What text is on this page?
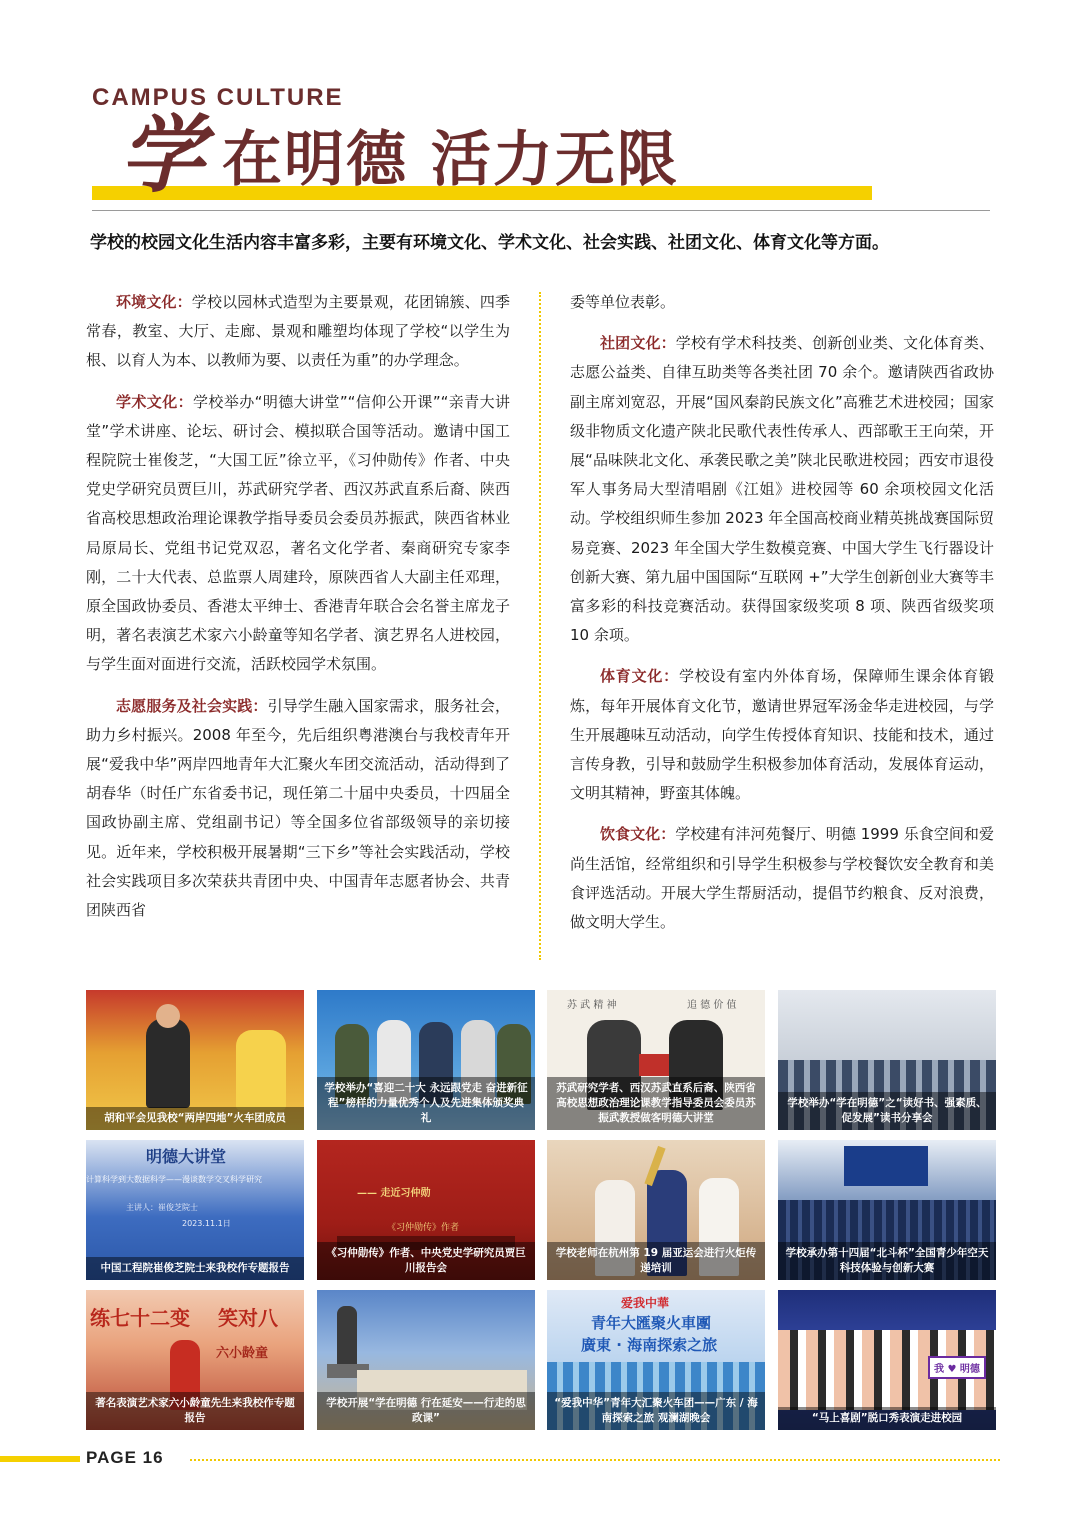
CAMPUS CULTURE
学 在明德 活力无限
学校的校园文化生活内容丰富多彩，主要有环境文化、学术文化、社会实践、社团文化、体育文化等方面。

环境文化：学校以园林式造型为主要景观，花团锦簇、四季常春，教室、大厅、走廊、景观和雕塑均体现了学校“以学生为根、以育人为本、以教师为要、以责任为重”的办学理念。

学术文化：学校举办“明德大讲堂”“信仰公开课”“亲青大讲堂”学术讲座、论坛、研讨会、模拟联合国等活动。邀请中国工程院院士崔俊芝，“大国工匠”徐立平，《习仲勋传》作者、中央党史学研究员贾巨川，苏武研究学者、西汉苏武直系后裔、陕西省高校思想政治理论课教学指导委员会委员苏振武，陕西省林业局原局长、党组书记党双忍，著名文化学者、秦商研究专家李刚，二十大代表、总监票人周建玲，原陕西省人大副主任邓理，原全国政协委员、香港太平绅士、香港青年联合会名誉主席龙子明，著名表演艺术家六小龄童等知名学者、演艺界名人进校园，与学生面对面进行交流，活跃校园学术氛围。

志愿服务及社会实践：引导学生融入国家需求，服务社会，助力乡村振兴。2008 年至今，先后组织粤港澳台与我校青年开展“爱我中华”两岸四地青年大汇聚火车团交流活动，活动得到了胡春华（时任广东省委书记，现任第二十届中央委员，十四届全国政协副主席、党组副书记）等全国多位省部级领导的亲切接见。近年来，学校积极开展暑期“三下乡”等社会实践活动，学校社会实践项目多次荣获共青团中央、中国青年志愿者协会、共青团陕西省

委等单位表彰。

社团文化：学校有学术科技类、创新创业类、文化体育类、志愿公益类、自律互助类等各类社团 70 余个。邀请陕西省政协副主席刘宽忍，开展“国风秦韵民族文化”高雅艺术进校园；国家级非物质文化遗产陕北民歌代表性传承人、西部歌王王向荣，开展“品味陕北文化、承袭民歌之美”陕北民歌进校园；西安市退役军人事务局大型清唱剧《江姐》进校园等 60 余项校园文化活动。学校组织师生参加 2023 年全国高校商业精英挑战赛国际贸易竞赛、2023 年全国大学生数模竞赛、中国大学生飞行器设计创新大赛、第九届中国国际“互联网 +”大学生创新创业大赛等丰富多彩的科技竞赛活动。获得国家级奖项 8 项、陕西省级奖项 10 余项。

体育文化：学校设有室内外体育场，保障师生课余体育锻炼，每年开展体育文化节，邀请世界冠军汤金华走进校园，与学生开展趣味互动活动，向学生传授体育知识、技能和技术，通过言传身教，引导和鼓励学生积极参加体育活动，发展体育运动，文明其精神，野蛮其体魄。

饮食文化：学校建有沣河苑餐厅、明德 1999 乐食空间和爱尚生活馆，经常组织和引导学生积极参与学校餐饮安全教育和美食评选活动。开展大学生帮厨活动，提倡节约粮食、反对浪费，做文明大学生。

胡和平会见我校“两岸四地”火车团成员
学校举办“喜迎二十大 永远跟党走 奋进新征程”榜样的力量优秀个人及先进集体颁奖典礼
苏 武 精 神	追 德 价 值
苏武研究学者、西汉苏武直系后裔、陕西省高校思想政治理论课教学指导委员会委员苏振武教授做客明德大讲堂
学校举办“学在明德”之“读好书、强素质、促发展”读书分享会
明德大讲堂
计算科学到大数据科学——漫谈数学交叉科学研究
主讲人：崔俊芝院士
2023.11.1日
中国工程院崔俊芝院士来我校作专题报告
—— 走近习仲勋
《习仲勋传》作者
《习仲勋传》作者、中央党史学研究员贾巨川报告会
学校老师在杭州第 19 届亚运会进行火炬传递培训
学校承办第十四届“北斗杯”全国青少年空天科技体验与创新大赛
练七十二变 笑对八
六小龄童
著名表演艺术家六小龄童先生来我校作专题报告
学校开展“学在明德 行在延安——行走的思政课”
爱我中華
青年大匯聚火車團
廣東 · 海南探索之旅
“爱我中华”青年大汇聚火车团——广东 / 海南探索之旅 观澜湖晚会
我 ♥ 明德
“马上喜剧”脱口秀表演走进校园
PAGE 16
